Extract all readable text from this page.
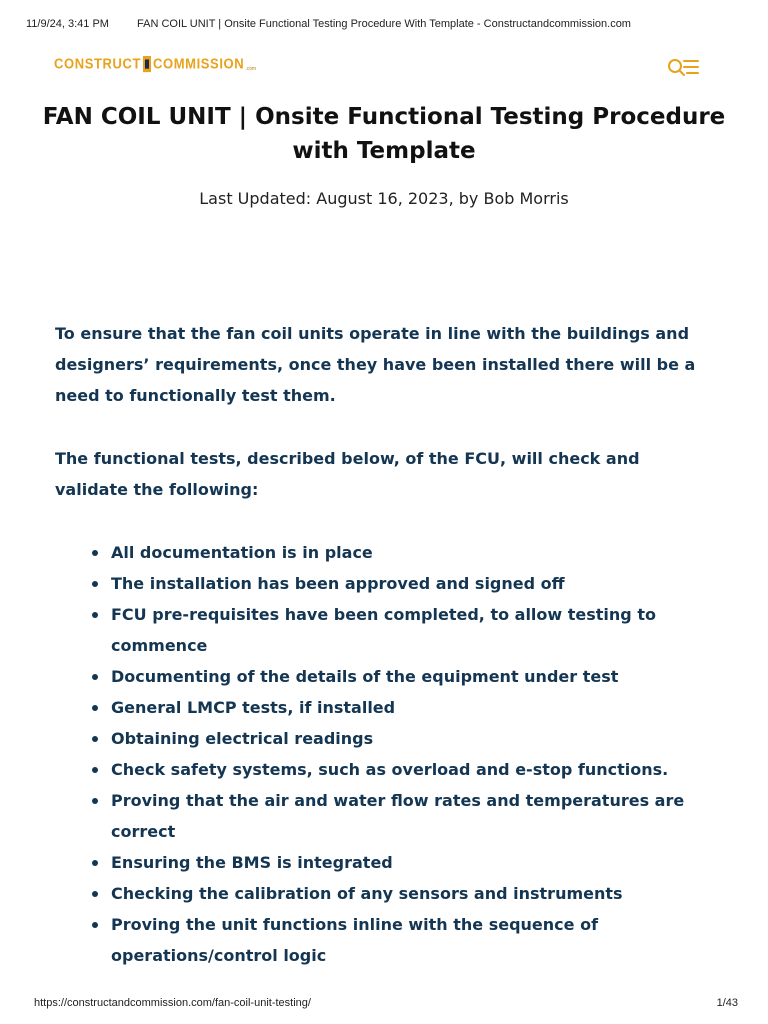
11/9/24, 3:41 PM	FAN COIL UNIT | Onsite Functional Testing Procedure With Template - Constructandcommission.com
CONSTRUCT COMMISSION .com
FAN COIL UNIT | Onsite Functional Testing Procedure with Template
Last Updated: August 16, 2023, by Bob Morris

To ensure that the fan coil units operate in line with the buildings and designers’ requirements, once they have been installed there will be a need to functionally test them.

The functional tests, described below, of the FCU, will check and validate the following:

All documentation is in place
The installation has been approved and signed off
FCU pre-requisites have been completed, to allow testing to commence
Documenting of the details of the equipment under test
General LMCP tests, if installed
Obtaining electrical readings
Check safety systems, such as overload and e-stop functions.
Proving that the air and water flow rates and temperatures are correct
Ensuring the BMS is integrated
Checking the calibration of any sensors and instruments
Proving the unit functions inline with the sequence of operations/control logic
https://constructandcommission.com/fan-coil-unit-testing/	1/43
